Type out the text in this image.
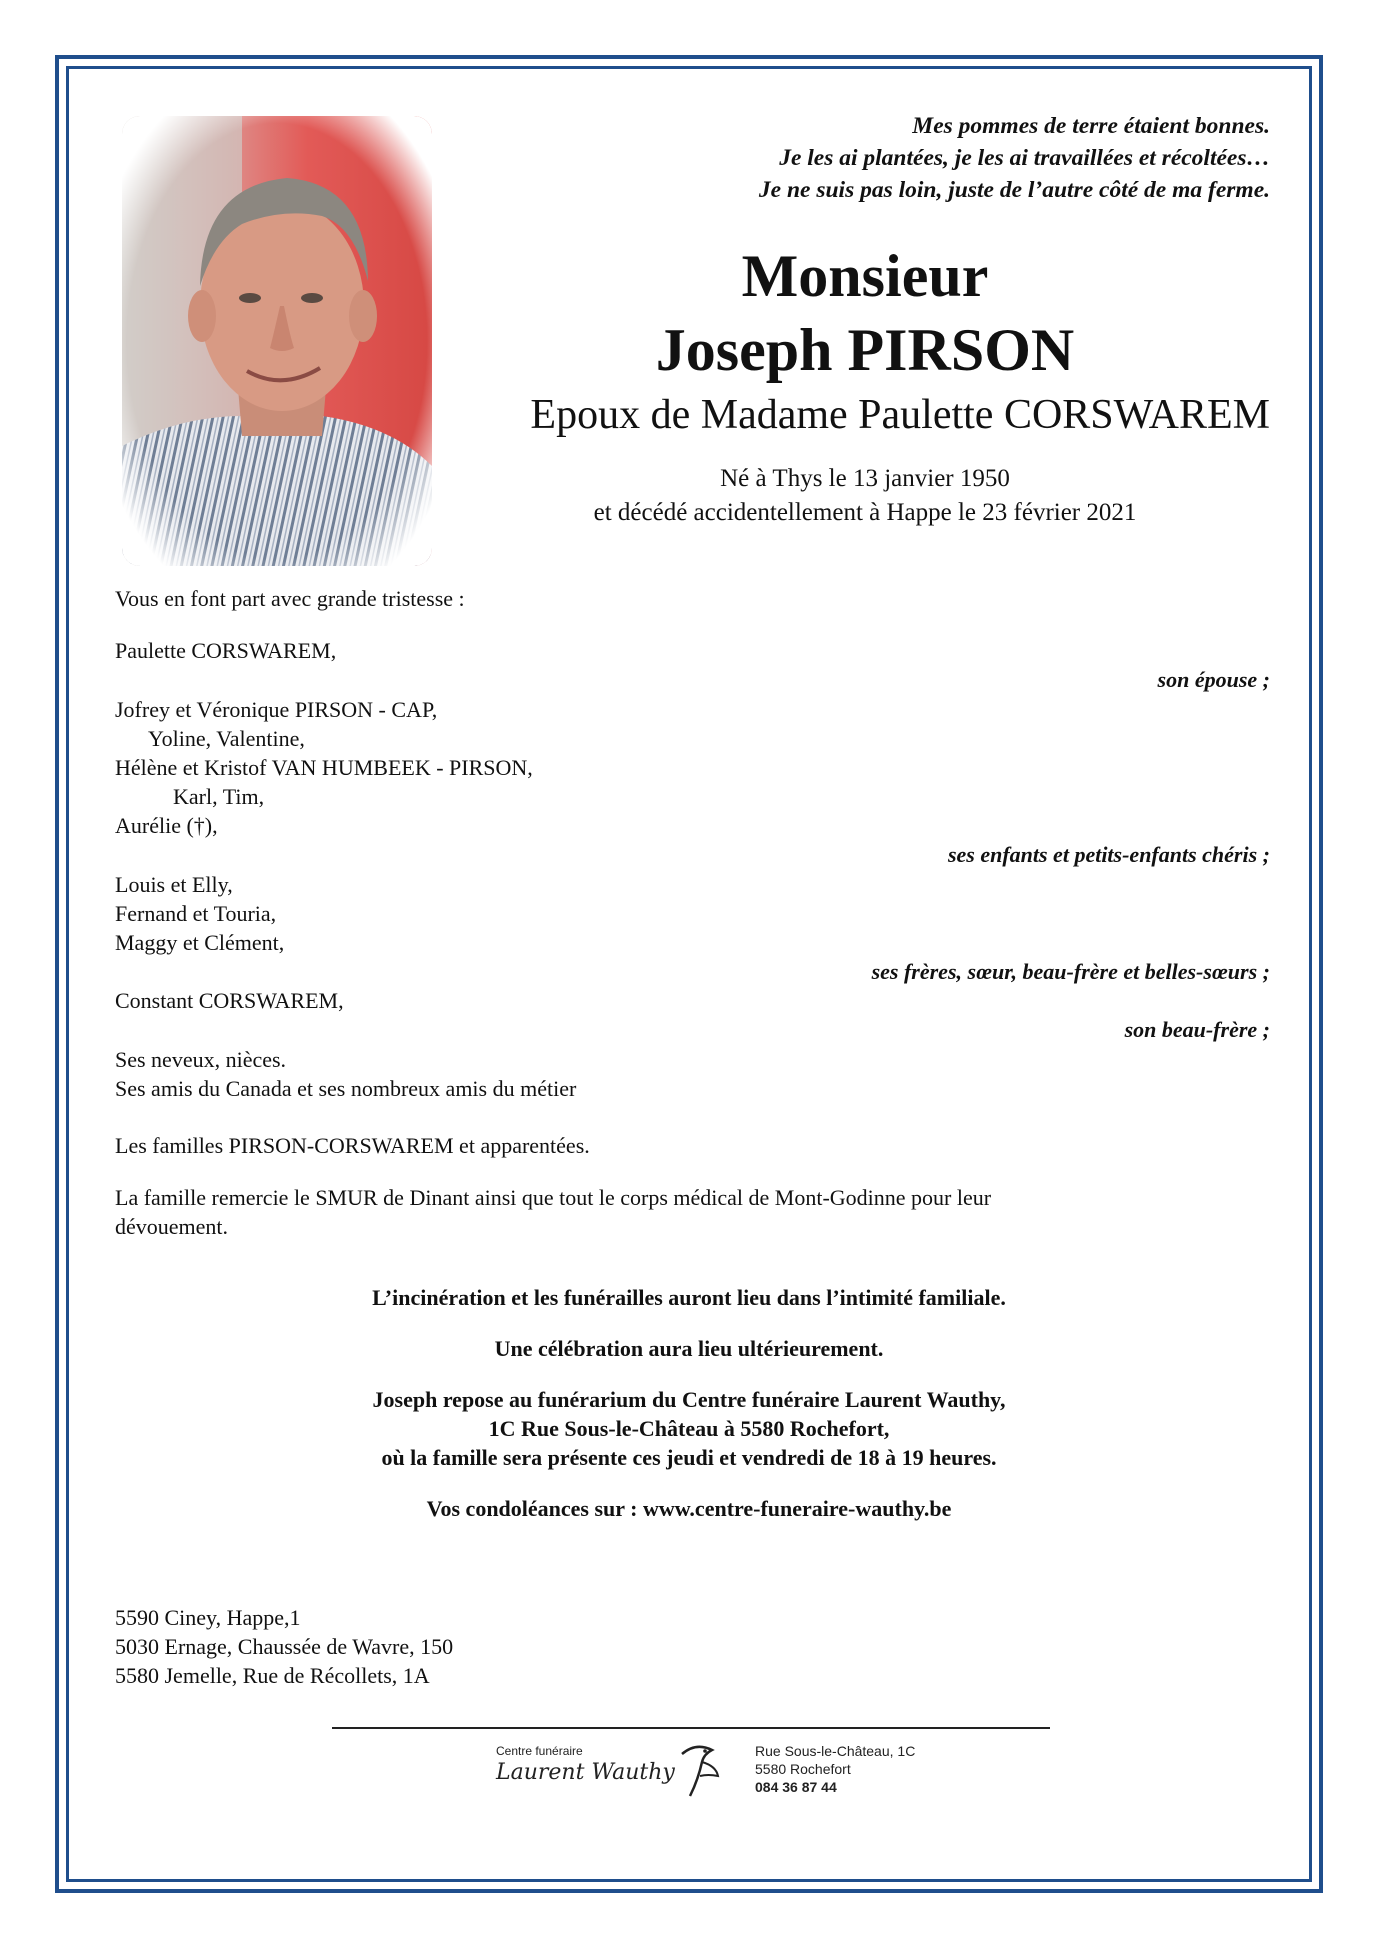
Mes pommes de terre étaient bonnes.
Je les ai plantées, je les ai travaillées et récoltées…
Je ne suis pas loin, juste de l’autre côté de ma ferme.
Monsieur
Joseph PIRSON
Epoux de Madame Paulette CORSWAREM
Né à Thys le 13 janvier 1950
et décédé accidentellement à Happe le 23 février 2021
Vous en font part avec grande tristesse :
Paulette CORSWAREM,
son épouse ;
Jofrey et Véronique PIRSON - CAP,
Yoline, Valentine,
Hélène et Kristof VAN HUMBEEK - PIRSON,
Karl, Tim,
Aurélie (†),
ses enfants et petits-enfants chéris ;
Louis et Elly,
Fernand et Touria,
Maggy et Clément,
ses frères, sœur, beau-frère et belles-sœurs ;
Constant CORSWAREM,
son beau-frère ;
Ses neveux, nièces.
Ses amis du Canada et ses nombreux amis du métier
Les familles PIRSON-CORSWAREM et apparentées.
La famille remercie le SMUR de Dinant ainsi que tout le corps médical de Mont-Godinne pour leur
dévouement.
L’incinération et les funérailles auront lieu dans l’intimité familiale.
Une célébration aura lieu ultérieurement.
Joseph repose au funérarium du Centre funéraire Laurent Wauthy,
1C Rue Sous-le-Château à 5580 Rochefort,
où la famille sera présente ces jeudi et vendredi de 18 à 19 heures.
Vos condoléances sur : www.centre-funeraire-wauthy.be
5590 Ciney, Happe,1
5030 Ernage, Chaussée de Wavre, 150
5580 Jemelle, Rue de Récollets, 1A
Centre funéraire
Laurent Wauthy
Rue Sous-le-Château, 1C
5580 Rochefort
084 36 87 44
